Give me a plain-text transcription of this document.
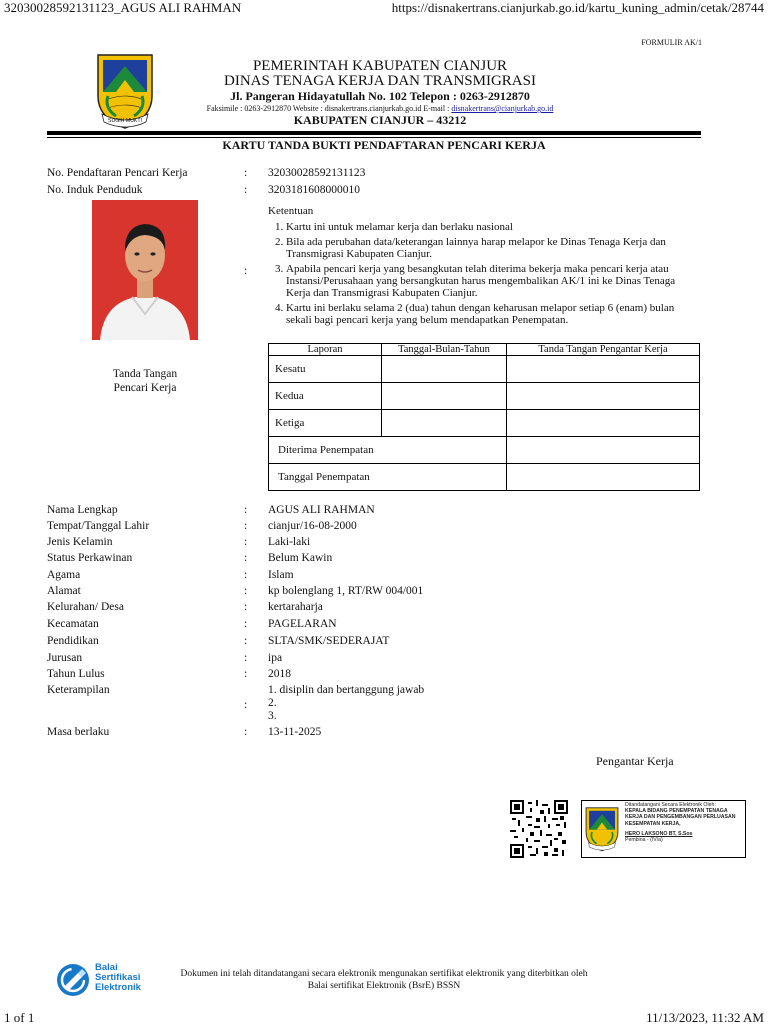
32030028592131123_AGUS ALI RAHMAN	https://disnakertrans.cianjurkab.go.id/kartu_kuning_admin/cetak/28744
1 of 1	11/13/2023, 11:32 AM
FORMULIR AK/1
SUGIH MUKTI
PEMERINTAH KABUPATEN CIANJUR
DINAS TENAGA KERJA DAN TRANSMIGRASI
Jl. Pangeran Hidayatullah No. 102 Telepon : 0263-2912870
Faksimile : 0263-2912870 Website : disnakertrans.cianjurkab.go.id E-mail : disnakertrans@cianjurkab.go.id
KABUPATEN CIANJUR – 43212
KARTU TANDA BUKTI PENDAFTARAN PENCARI KERJA
No. Pendaftaran Pencari Kerja	: 32030028592131123
No. Induk Penduduk	: 3203181608000010
Tanda Tangan Pencari Kerja
:
Ketentuan
1. Kartu ini untuk melamar kerja dan berlaku nasional
2. Bila ada perubahan data/keterangan lainnya harap melapor ke Dinas Tenaga Kerja dan Transmigrasi Kabupaten Cianjur.
3. Apabila pencari kerja yang besangkutan telah diterima bekerja maka pencari kerja atau Instansi/Perusahaan yang bersangkutan harus mengembalikan AK/1 ini ke Dinas Tenaga Kerja dan Transmigrasi Kabupaten Cianjur.
4. Kartu ini berlaku selama 2 (dua) tahun dengan keharusan melapor setiap 6 (enam) bulan sekali bagi pencari kerja yang belum mendapatkan Penempatan.
Laporan	Tanggal-Bulan-Tahun	Tanda Tangan Pengantar Kerja
Kesatu		
Kedua		
Ketiga		
Diterima Penempatan		
Tanggal Penempatan		
Nama Lengkap	: AGUS ALI RAHMAN
Tempat/Tanggal Lahir	: cianjur/16-08-2000
Jenis Kelamin	: Laki-laki
Status Perkawinan	: Belum Kawin
Agama	: Islam
Alamat	: kp bolenglang 1, RT/RW 004/001
Kelurahan/ Desa	: kertaraharja
Kecamatan	: PAGELARAN
Pendidikan	: SLTA/SMK/SEDERAJAT
Jurusan	: ipa
Tahun Lulus	: 2018
Keterampilan
:
1. disiplin dan bertanggung jawab
2.
3.
Masa berlaku	: 13-11-2025
Pengantar Kerja
Ditandatangani Secara Elektronik Oleh:
KEPALA BIDANG PENEMPATAN TENAGA KERJA DAN PENGEMBANGAN PERLUASAN KESEMPATAN KERJA,
HERO LAKSONO BT, S.Sos
Pembina - (IV/a)
Balai
Sertifikasi
Elektronik
Dokumen ini telah ditandatangani secara elektronik mengunakan sertifikat elektronik yang diterbitkan oleh
Balai sertifikat Elektronik (BsrE) BSSN
